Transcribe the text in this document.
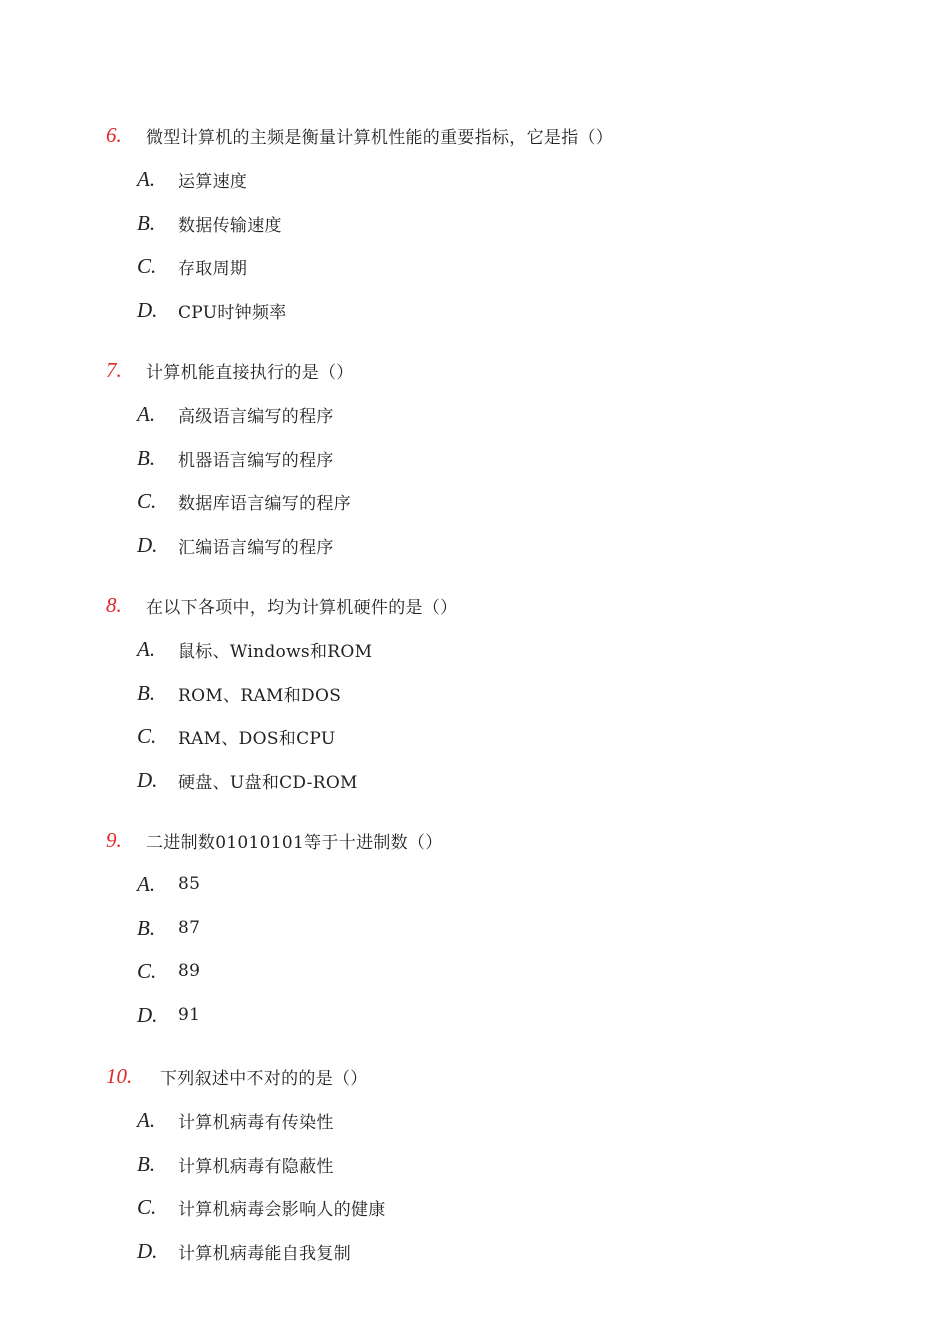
6.	微型计算机的主频是衡量计算机性能的重要指标，它是指（）
A.	运算速度
B.	数据传输速度
C.	存取周期
D.	CPU时钟频率
7.	计算机能直接执行的是（）
A.	高级语言编写的程序
B.	机器语言编写的程序
C.	数据库语言编写的程序
D.	汇编语言编写的程序
8.	在以下各项中，均为计算机硬件的是（）
A.	鼠标、Windows和ROM
B.	ROM、RAM和DOS
C.	RAM、DOS和CPU
D.	硬盘、U盘和CD-ROM
9.	二进制数01010101等于十进制数（）
A.	85
B.	87
C.	89
D.	91
10.	下列叙述中不对的的是（）
A.	计算机病毒有传染性
B.	计算机病毒有隐蔽性
C.	计算机病毒会影响人的健康
D.	计算机病毒能自我复制
